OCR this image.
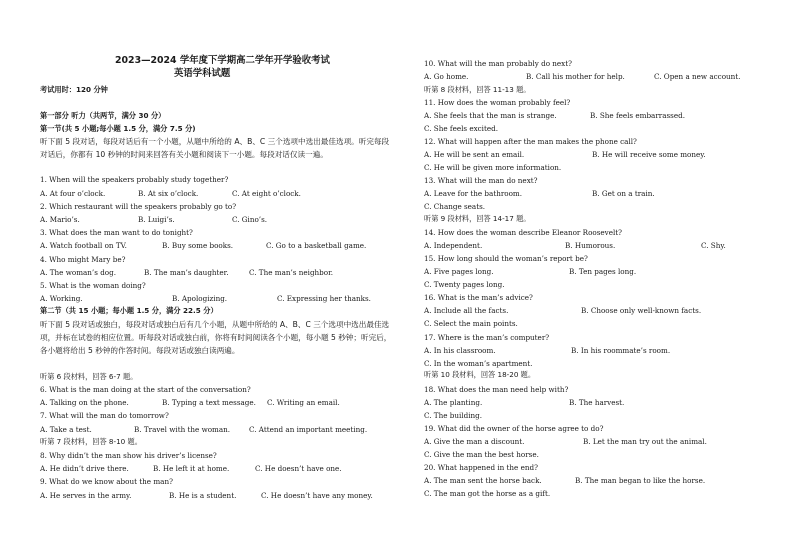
2023—2024 学年度下学期高二学年开学验收考试
英语学科试题
考试用时：120 分钟
第一部分 听力（共两节，满分 30 分）
第一节(共 5 小题;每小题 1.5 分，满分 7.5 分)
听下面 5 段对话，每段对话后有一个小题，从题中所给的 A、B、C 三个选项中选出最佳选项。听完每段对话后，你都有 10 秒钟的时间来回答有关小题和阅读下一小题。每段对话仅读一遍。
1. When will the speakers probably study together?
A. At four o’clock.	B. At six o’clock.	C. At eight o’clock.
2. Which restaurant will the speakers probably go to?
A. Mario’s.	B. Luigi’s.	C. Gino’s.
3. What does the man want to do tonight?
A. Watch football on TV.	B. Buy some books.	C. Go to a basketball game.
4. Who might Mary be?
A. The woman’s dog.	B. The man’s daughter.	C. The man’s neighbor.
5. What is the woman doing?
A. Working.	B. Apologizing.	C. Expressing her thanks.
第二节（共 15 小题；每小题 1.5 分，满分 22.5 分）
听下面 5 段对话或独白，每段对话或独白后有几个小题，从题中所给的 A、B、C 三个选项中选出最佳选项，并标在试卷的相应位置。听每段对话或独白前，你将有时间阅读各个小题，每小题 5 秒钟；听完后，各小题将给出 5 秒钟的作答时间。每段对话或独白读两遍。
听第 6 段材料，回答 6-7 题。
6. What is the man doing at the start of the conversation?
A. Talking on the phone.	B. Typing a text message. C. Writing an email.
7. What will the man do tomorrow?
A. Take a test.	B. Travel with the woman.	C. Attend an important meeting.
听第 7 段材料，回答 8-10 题。
8. Why didn’t the man show his driver’s license?
A. He didn’t drive there.	B. He left it at home.	C. He doesn’t have one.
9. What do we know about the man?
A. He serves in the army.	B. He is a student.	C. He doesn’t have any money.
10. What will the man probably do next?
A. Go home.	B. Call his mother for help.	C. Open a new account.
听第 8 段材料，回答 11-13 题。
11. How does the woman probably feel?
A. She feels that the man is strange.	B. She feels embarrassed.
C. She feels excited.
12. What will happen after the man makes the phone call?
A. He will be sent an email.	B. He will receive some money.
C. He will be given more information.
13. What will the man do next?
A. Leave for the bathroom.	B. Get on a train.
C. Change seats.
听第 9 段材料，回答 14-17 题。
14. How does the woman describe Eleanor Roosevelt?
A. Independent.	B. Humorous.	C. Shy.
15. How long should the woman’s report be?
A. Five pages long.	B. Ten pages long.
C. Twenty pages long.
16. What is the man’s advice?
A. Include all the facts.	B. Choose only well-known facts.
C. Select the main points.
17. Where is the man’s computer?
A. In his classroom.	B. In his roommate’s room.
C. In the woman’s apartment.
听第 10 段材料，回答 18-20 题。
18. What does the man need help with?
A. The planting.	B. The harvest.
C. The building.
19. What did the owner of the horse agree to do?
A. Give the man a discount.	B. Let the man try out the animal.
C. Give the man the best horse.
20. What happened in the end?
A. The man sent the horse back.	B. The man began to like the horse.
C. The man got the horse as a gift.
